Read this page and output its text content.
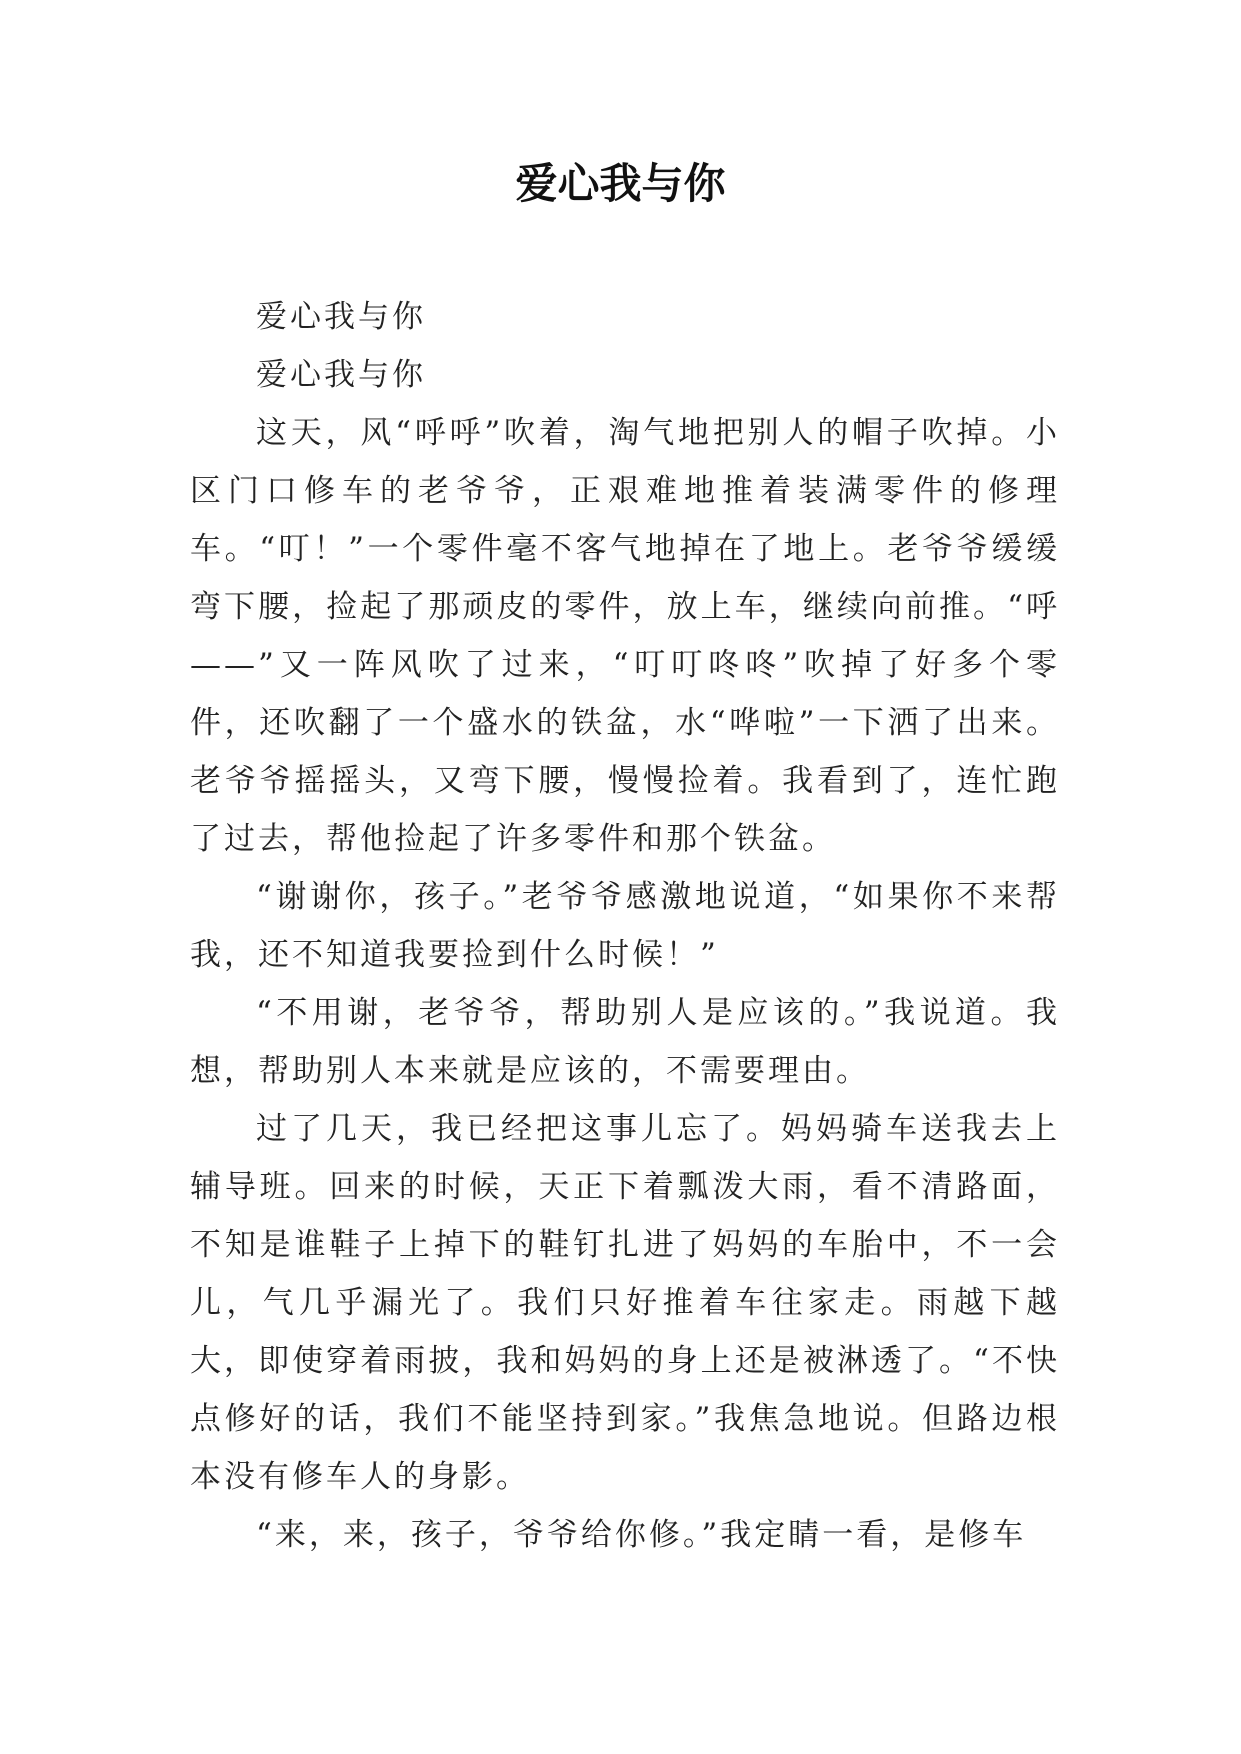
爱心我与你

爱心我与你

爱心我与你

这天，风“呼呼”吹着，淘气地把别人的帽子吹掉。小区门口修车的老爷爷，正艰难地推着装满零件的修理车。“叮！”一个零件毫不客气地掉在了地上。老爷爷缓缓弯下腰，捡起了那顽皮的零件，放上车，继续向前推。“呼——”又一阵风吹了过来，“叮叮咚咚”吹掉了好多个零件，还吹翻了一个盛水的铁盆，水“哗啦”一下洒了出来。老爷爷摇摇头，又弯下腰，慢慢捡着。我看到了，连忙跑了过去，帮他捡起了许多零件和那个铁盆。

“谢谢你，孩子。”老爷爷感激地说道，“如果你不来帮我，还不知道我要捡到什么时候！”

“不用谢，老爷爷，帮助别人是应该的。”我说道。我想，帮助别人本来就是应该的，不需要理由。

过了几天，我已经把这事儿忘了。妈妈骑车送我去上辅导班。回来的时候，天正下着瓢泼大雨，看不清路面，不知是谁鞋子上掉下的鞋钉扎进了妈妈的车胎中，不一会儿，气几乎漏光了。我们只好推着车往家走。雨越下越大，即使穿着雨披，我和妈妈的身上还是被淋透了。“不快点修好的话，我们不能坚持到家。”我焦急地说。但路边根本没有修车人的身影。

“来，来，孩子，爷爷给你修。”我定睛一看，是修车
